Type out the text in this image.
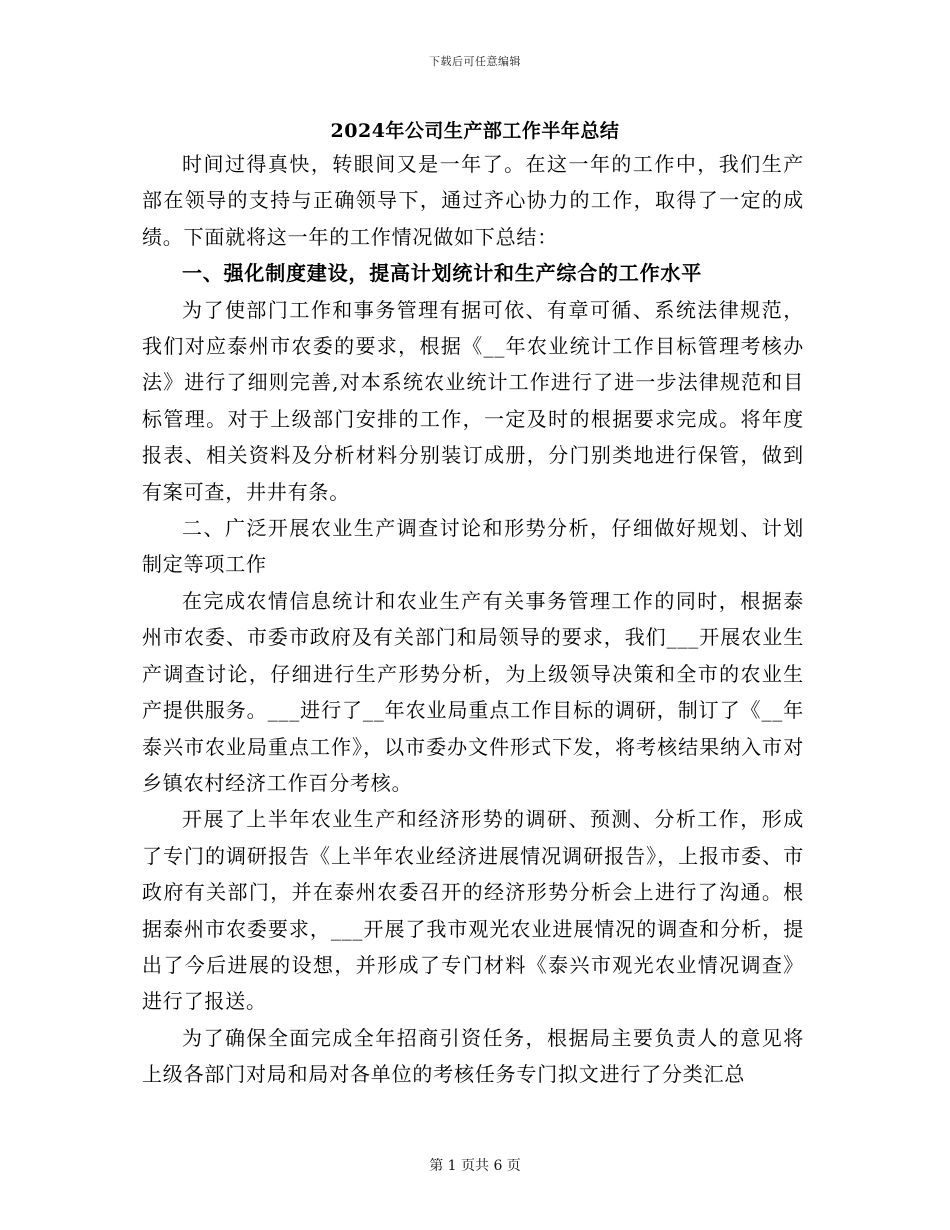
下载后可任意编辑
2024年公司生产部工作半年总结

时间过得真快，转眼间又是一年了。在这一年的工作中，我们生产部在领导的支持与正确领导下，通过齐心协力的工作，取得了一定的成绩。下面就将这一年的工作情况做如下总结：

一、强化制度建设，提高计划统计和生产综合的工作水平

为了使部门工作和事务管理有据可依、有章可循、系统法律规范，我们对应泰州市农委的要求，根据《__年农业统计工作目标管理考核办法》进行了细则完善,对本系统农业统计工作进行了进一步法律规范和目标管理。对于上级部门安排的工作，一定及时的根据要求完成。将年度报表、相关资料及分析材料分别装订成册，分门别类地进行保管，做到有案可查，井井有条。

二、广泛开展农业生产调查讨论和形势分析，仔细做好规划、计划制定等项工作

在完成农情信息统计和农业生产有关事务管理工作的同时，根据泰州市农委、市委市政府及有关部门和局领导的要求，我们___开展农业生产调查讨论，仔细进行生产形势分析，为上级领导决策和全市的农业生产提供服务。___进行了__年农业局重点工作目标的调研，制订了《__年泰兴市农业局重点工作》，以市委办文件形式下发，将考核结果纳入市对乡镇农村经济工作百分考核。

开展了上半年农业生产和经济形势的调研、预测、分析工作，形成了专门的调研报告《上半年农业经济进展情况调研报告》，上报市委、市政府有关部门，并在泰州农委召开的经济形势分析会上进行了沟通。根据泰州市农委要求，___开展了我市观光农业进展情况的调查和分析，提出了今后进展的设想，并形成了专门材料《泰兴市观光农业情况调查》进行了报送。

为了确保全面完成全年招商引资任务，根据局主要负责人的意见将上级各部门对局和局对各单位的考核任务专门拟文进行了分类汇总

第 1 页共 6 页
